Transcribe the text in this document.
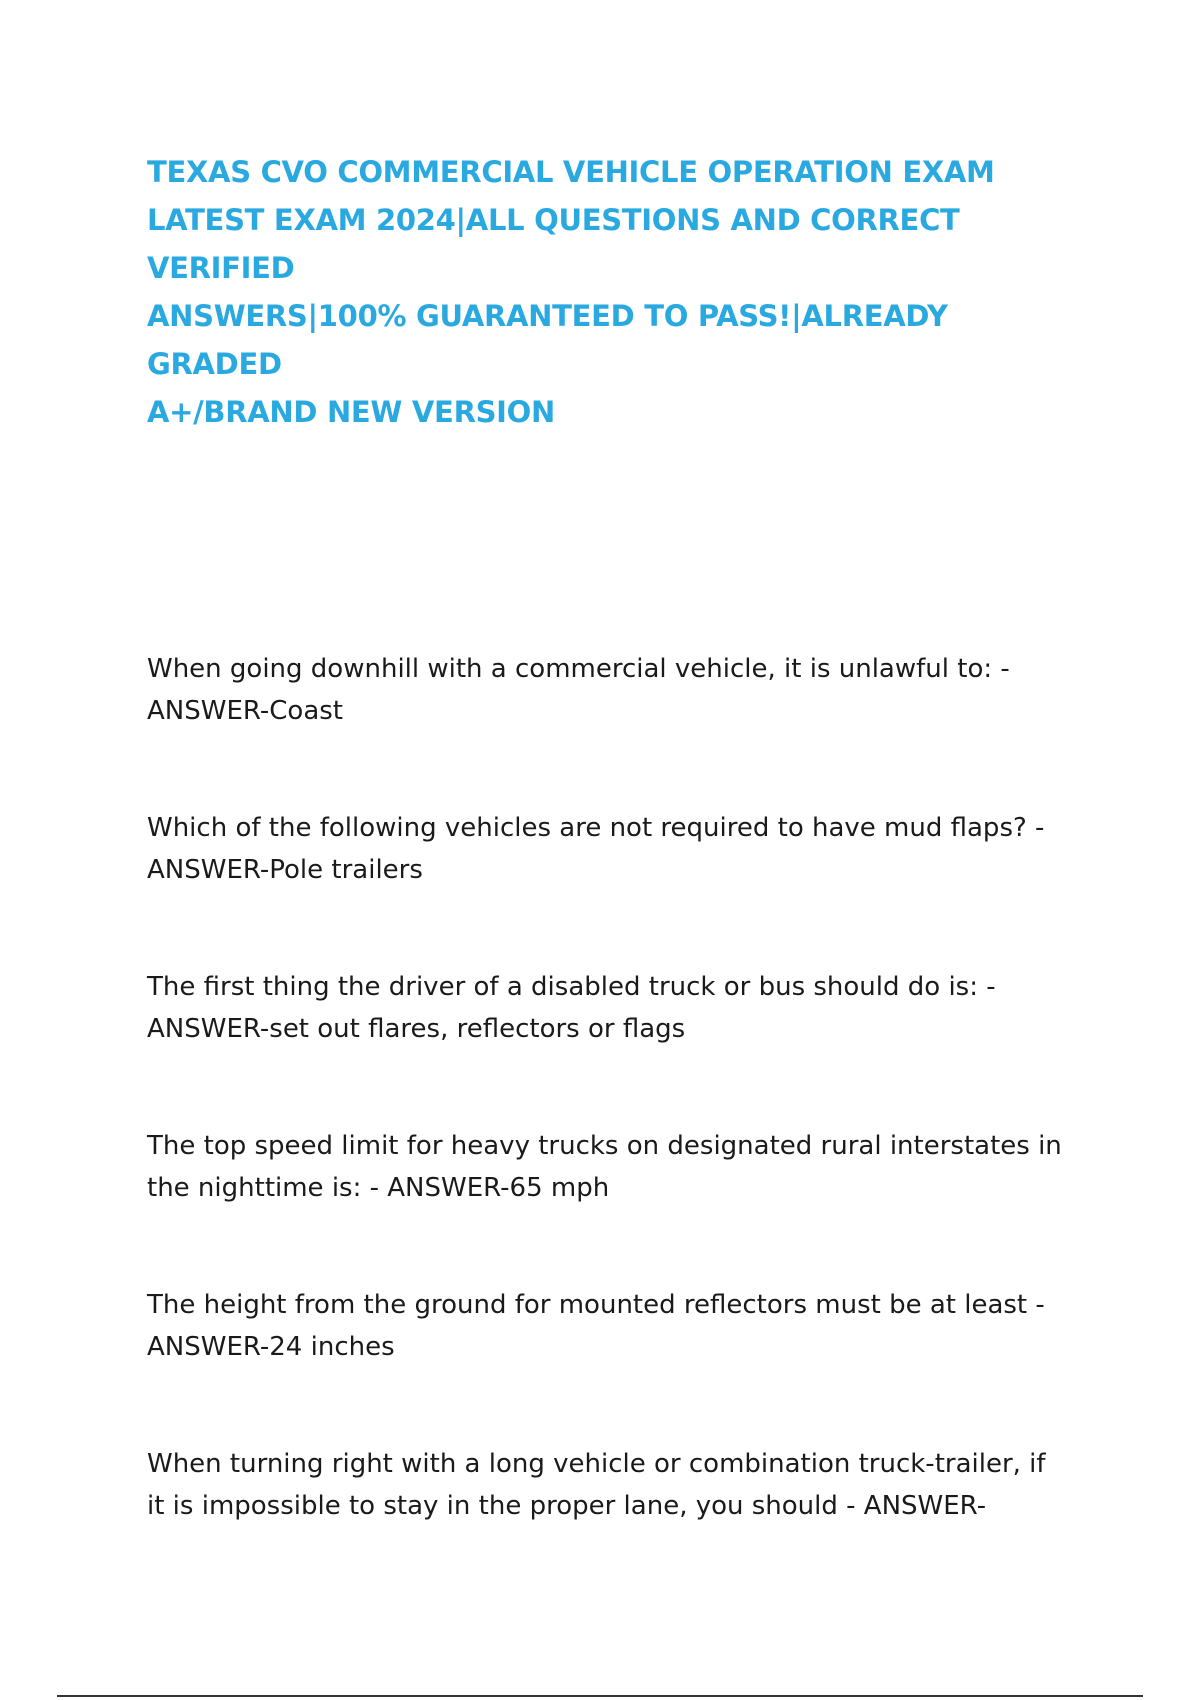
TEXAS CVO COMMERCIAL VEHICLE OPERATION EXAM
LATEST EXAM 2024|ALL QUESTIONS AND CORRECT VERIFIED
ANSWERS|100% GUARANTEED TO PASS!|ALREADY GRADED
A+/BRAND NEW VERSION
When going downhill with a commercial vehicle, it is unlawful to: -
ANSWER-Coast
Which of the following vehicles are not required to have mud flaps? -
ANSWER-Pole trailers
The first thing the driver of a disabled truck or bus should do is: -
ANSWER-set out flares, reflectors or flags
The top speed limit for heavy trucks on designated rural interstates in
the nighttime is: - ANSWER-65 mph
The height from the ground for mounted reflectors must be at least -
ANSWER-24 inches
When turning right with a long vehicle or combination truck-trailer, if
it is impossible to stay in the proper lane, you should - ANSWER-
